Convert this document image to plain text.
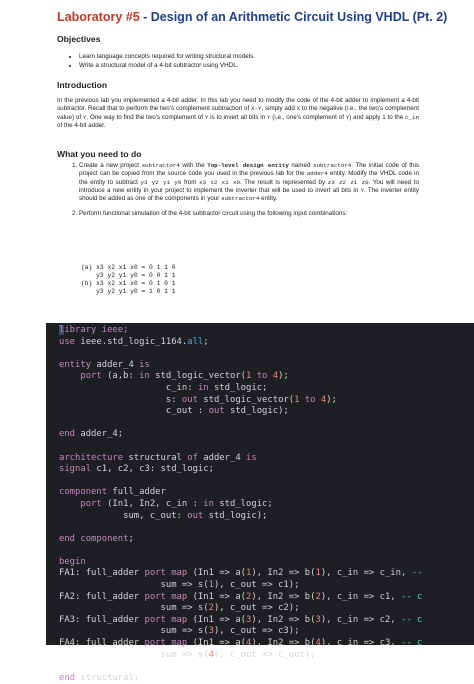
Laboratory #5 - Design of an Arithmetic Circuit Using VHDL (Pt. 2)
Objectives
• Learn language concepts required for writing structural models.
• Write a structural model of a 4-bit subtractor using VHDL.
Introduction
In the previous lab you implemented a 4-bit adder. In this lab you need to modify the code of the 4-bit adder to implement a 4-bit subtractor. Recall that to perform the two's complement subtraction of X-Y, simply add X to the negative (i.e., the two's complement value) of Y. One way to find the two's complement of Y is to invert all bits in Y (i.e., one's complement of Y) and apply 1 to the c_in of the 4-bit adder.
What you need to do
1. Create a new project subtractor4 with the Top-level design entity named subtractor4. The initial code of this project can be copied from the source code you used in the previous lab for the adder4 entity. Modify the VHDL code in the entity to subtract y3 y2 y1 y0 from x3 x2 x1 x0. The result is represented by z3 z2 z1 z0. You will need to introduce a new entity in your project to implement the inverter that will be used to invert all bits in Y. The inverter entity should be added as one of the components in your subtractor4 entity.
2. Perform functional simulation of the 4-bit subtractor circuit using the following input combinations:
(a) x3 x2 x1 x0 = 0 1 1 0
y3 y2 y1 y0 = 0 0 1 1
(b) x3 x2 x1 x0 = 0 1 0 1
y3 y2 y1 y0 = 1 0 1 1
library ieee;
use ieee.std_logic_1164.all;

entity adder_4 is
port (a,b: in std_logic_vector(1 to 4);
c_in: in std_logic;
s: out std_logic_vector(1 to 4);
c_out : out std_logic);

end adder_4;

architecture structural of adder_4 is
signal c1, c2, c3: std_logic;

component full_adder
port (In1, In2, c_in : in std_logic;
sum, c_out: out std_logic);

end component;

begin
FA1: full_adder port map (In1 => a(1), In2 => b(1), c_in => c_in, --
sum => s(1), c_out => c1);
FA2: full_adder port map (In1 => a(2), In2 => b(2), c_in => c1, -- c
sum => s(2), c_out => c2);
FA3: full_adder port map (In1 => a(3), In2 => b(3), c_in => c2, -- c
sum => s(3), c_out => c3);
FA4: full_adder port map (In1 => a(4), In2 => b(4), c_in => c3, -- c
sum => s(4), c_out => c_out);

end structural;
